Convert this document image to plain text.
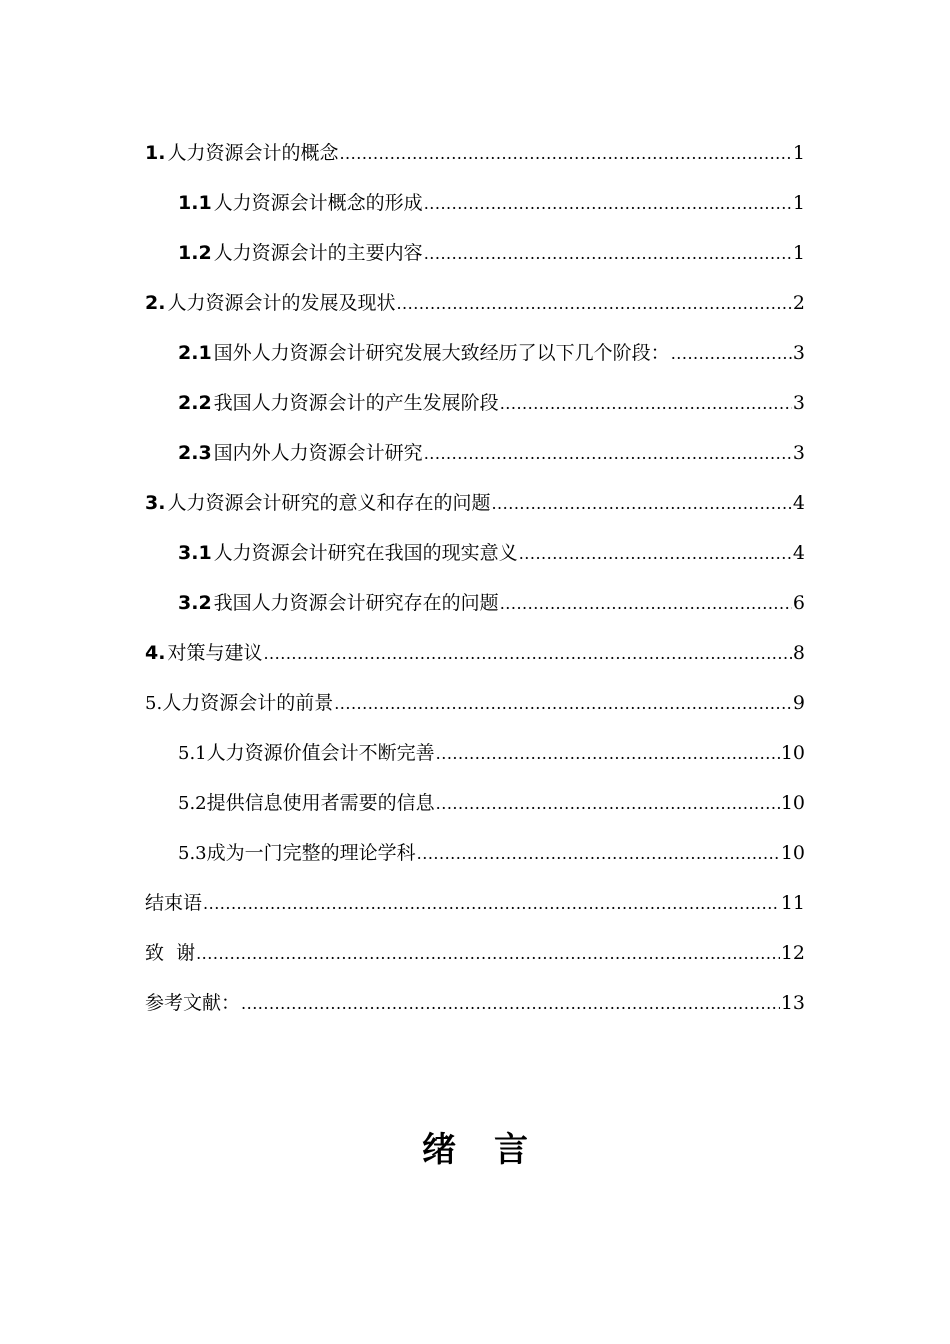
1. 人力资源会计的概念 .....	1
1.1 人力资源会计概念的形成 .....	1
1.2 人力资源会计的主要内容 .....	1
2. 人力资源会计的发展及现状 .....	2
2.1 国外人力资源会计研究发展大致经历了以下几个阶段： .....	3
2.2 我国人力资源会计的产生发展阶段 .....	3
2.3 国内外人力资源会计研究 .....	3
3. 人力资源会计研究的意义和存在的问题 .....	4
3.1 人力资源会计研究在我国的现实意义 .....	4
3.2 我国人力资源会计研究存在的问题 .....	6
4. 对策与建议 .....	8
5. 人力资源会计的前景 .....	9
5.1 人力资源价值会计不断完善 .....	10
5.2 提供信息使用者需要的信息 .....	10
5.3 成为一门完整的理论学科 .....	10
结束语 .....	11
致  谢 .....	12
参考文献： .....	13
绪言
